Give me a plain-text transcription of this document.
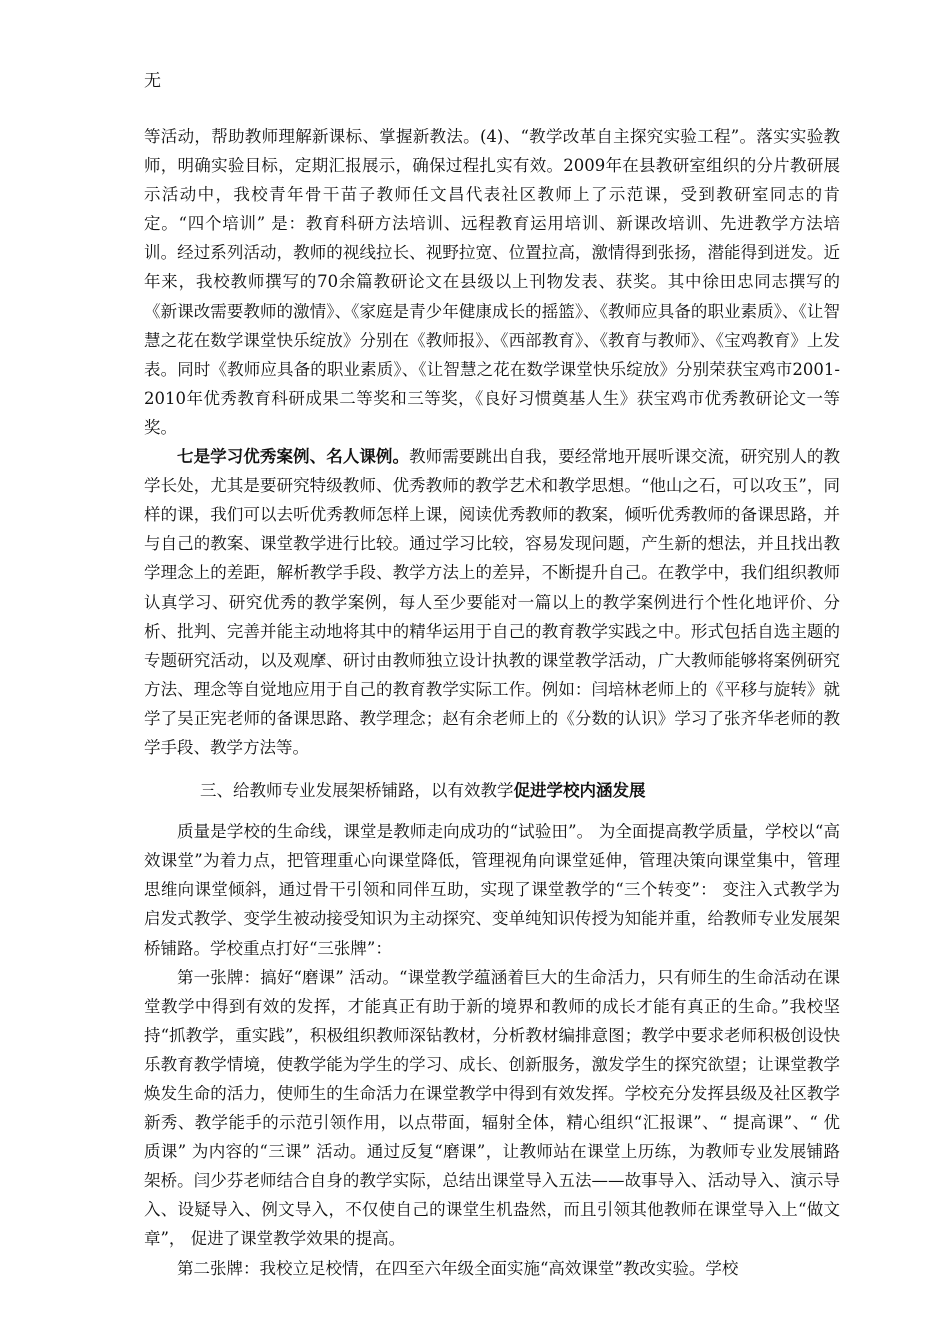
无

等活动，帮助教师理解新课标、掌握新教法。(4)、“教学改革自主探究实验工程”。落实实验教师，明确实验目标，定期汇报展示，确保过程扎实有效。2009年在县教研室组织的分片教研展示活动中，我校青年骨干苗子教师任文昌代表社区教师上了示范课，受到教研室同志的肯定。“四个培训” 是：教育科研方法培训、远程教育运用培训、新课改培训、先进教学方法培训。经过系列活动，教师的视线拉长、视野拉宽、位置拉高，激情得到张扬，潜能得到迸发。近年来，我校教师撰写的70余篇教研论文在县级以上刊物发表、获奖。其中徐田忠同志撰写的《新课改需要教师的激情》、《家庭是青少年健康成长的摇篮》、《教师应具备的职业素质》、《让智慧之花在数学课堂快乐绽放》分别在《教师报》、《西部教育》、《教育与教师》、《宝鸡教育》上发表。同时《教师应具备的职业素质》、《让智慧之花在数学课堂快乐绽放》分别荣获宝鸡市2001-2010年优秀教育科研成果二等奖和三等奖，《良好习惯奠基人生》获宝鸡市优秀教研论文一等奖。

七是学习优秀案例、名人课例。教师需要跳出自我，要经常地开展听课交流，研究别人的教学长处，尤其是要研究特级教师、优秀教师的教学艺术和教学思想。“他山之石，可以攻玉”，同样的课，我们可以去听优秀教师怎样上课，阅读优秀教师的教案，倾听优秀教师的备课思路，并与自己的教案、课堂教学进行比较。通过学习比较，容易发现问题，产生新的想法，并且找出教学理念上的差距，解析教学手段、教学方法上的差异，不断提升自己。在教学中，我们组织教师认真学习、研究优秀的教学案例，每人至少要能对一篇以上的教学案例进行个性化地评价、分析、批判、完善并能主动地将其中的精华运用于自己的教育教学实践之中。形式包括自选主题的专题研究活动，以及观摩、研讨由教师独立设计执教的课堂教学活动，广大教师能够将案例研究方法、理念等自觉地应用于自己的教育教学实际工作。例如：闫培林老师上的《平移与旋转》就学了吴正宪老师的备课思路、教学理念；赵有余老师上的《分数的认识》学习了张齐华老师的教学手段、教学方法等。

三、给教师专业发展架桥铺路，以有效教学促进学校内涵发展

质量是学校的生命线，课堂是教师走向成功的“试验田”。 为全面提高教学质量，学校以“高效课堂”为着力点，把管理重心向课堂降低，管理视角向课堂延伸，管理决策向课堂集中，管理思维向课堂倾斜，通过骨干引领和同伴互助，实现了课堂教学的“三个转变”： 变注入式教学为启发式教学、变学生被动接受知识为主动探究、变单纯知识传授为知能并重，给教师专业发展架桥铺路。学校重点打好“三张牌”：

第一张牌：搞好“磨课” 活动。“课堂教学蕴涵着巨大的生命活力，只有师生的生命活动在课堂教学中得到有效的发挥，才能真正有助于新的境界和教师的成长才能有真正的生命。”我校坚持“抓教学，重实践”，积极组织教师深钻教材，分析教材编排意图；教学中要求老师积极创设快乐教育教学情境，使教学能为学生的学习、成长、创新服务，激发学生的探究欲望；让课堂教学焕发生命的活力，使师生的生命活力在课堂教学中得到有效发挥。学校充分发挥县级及社区教学新秀、教学能手的示范引领作用，以点带面，辐射全体，精心组织“汇报课”、“ 提高课”、“ 优质课” 为内容的“三课” 活动。通过反复“磨课”，让教师站在课堂上历练，为教师专业发展铺路架桥。闫少芬老师结合自身的教学实际，总结出课堂导入五法——故事导入、活动导入、演示导入、设疑导入、例文导入，不仅使自己的课堂生机盎然，而且引领其他教师在课堂导入上“做文章”， 促进了课堂教学效果的提高。

第二张牌：我校立足校情，在四至六年级全面实施“高效课堂”教改实验。学校
